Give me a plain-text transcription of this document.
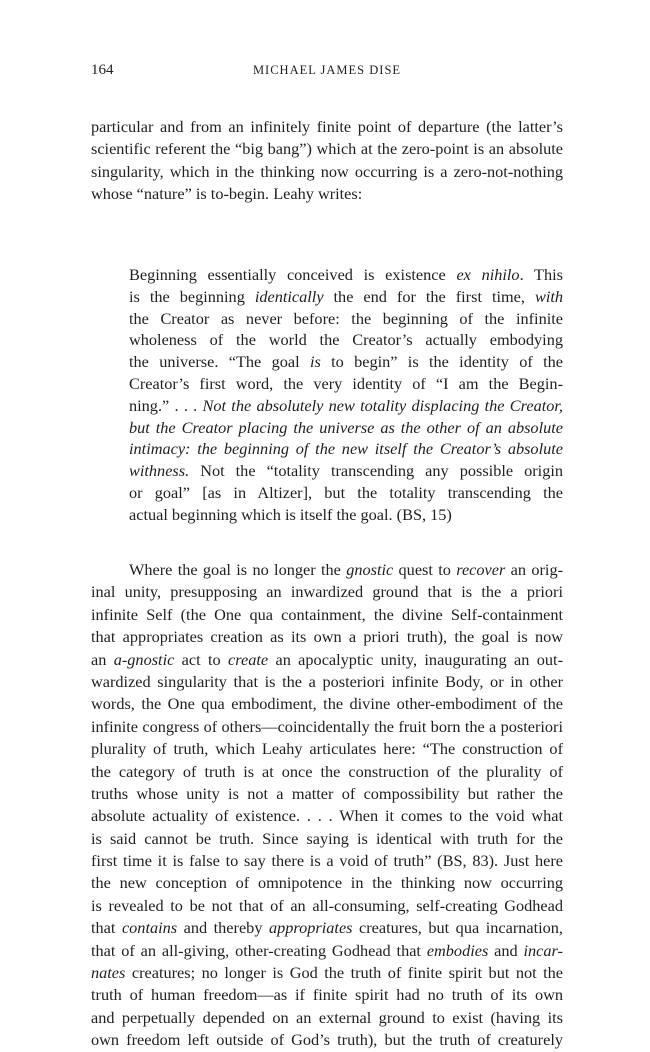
164	MICHAEL JAMES DISE
particular and from an infinitely finite point of departure (the latter’s
scientific referent the “big bang”) which at the zero-point is an absolute
singularity, which in the thinking now occurring is a zero-not-nothing
whose “nature” is to-begin. Leahy writes:
Beginning essentially conceived is existence ex nihilo. This
is the beginning identically the end for the first time, with
the Creator as never before: the beginning of the infinite
wholeness of the world the Creator’s actually embodying
the universe. “The goal is to begin” is the identity of the
Creator’s first word, the very identity of “I am the Begin-
ning.” . . . Not the absolutely new totality displacing the Creator,
but the Creator placing the universe as the other of an absolute
intimacy: the beginning of the new itself the Creator’s absolute
withness. Not the “totality transcending any possible origin
or goal” [as in Altizer], but the totality transcending the
actual beginning which is itself the goal. (BS, 15)
Where the goal is no longer the gnostic quest to recover an orig-
inal unity, presupposing an inwardized ground that is the a priori
infinite Self (the One qua containment, the divine Self-containment
that appropriates creation as its own a priori truth), the goal is now
an a-gnostic act to create an apocalyptic unity, inaugurating an out-
wardized singularity that is the a posteriori infinite Body, or in other
words, the One qua embodiment, the divine other-embodiment of the
infinite congress of others—coincidentally the fruit born the a posteriori
plurality of truth, which Leahy articulates here: “The construction of
the category of truth is at once the construction of the plurality of
truths whose unity is not a matter of compossibility but rather the
absolute actuality of existence. . . . When it comes to the void what
is said cannot be truth. Since saying is identical with truth for the
first time it is false to say there is a void of truth” (BS, 83). Just here
the new conception of omnipotence in the thinking now occurring
is revealed to be not that of an all-consuming, self-creating Godhead
that contains and thereby appropriates creatures, but qua incarnation,
that of an all-giving, other-creating Godhead that embodies and incar-
nates creatures; no longer is God the truth of finite spirit but not the
truth of human freedom—as if finite spirit had no truth of its own
and perpetually depended on an external ground to exist (having its
own freedom left outside of God’s truth), but the truth of creaturely
